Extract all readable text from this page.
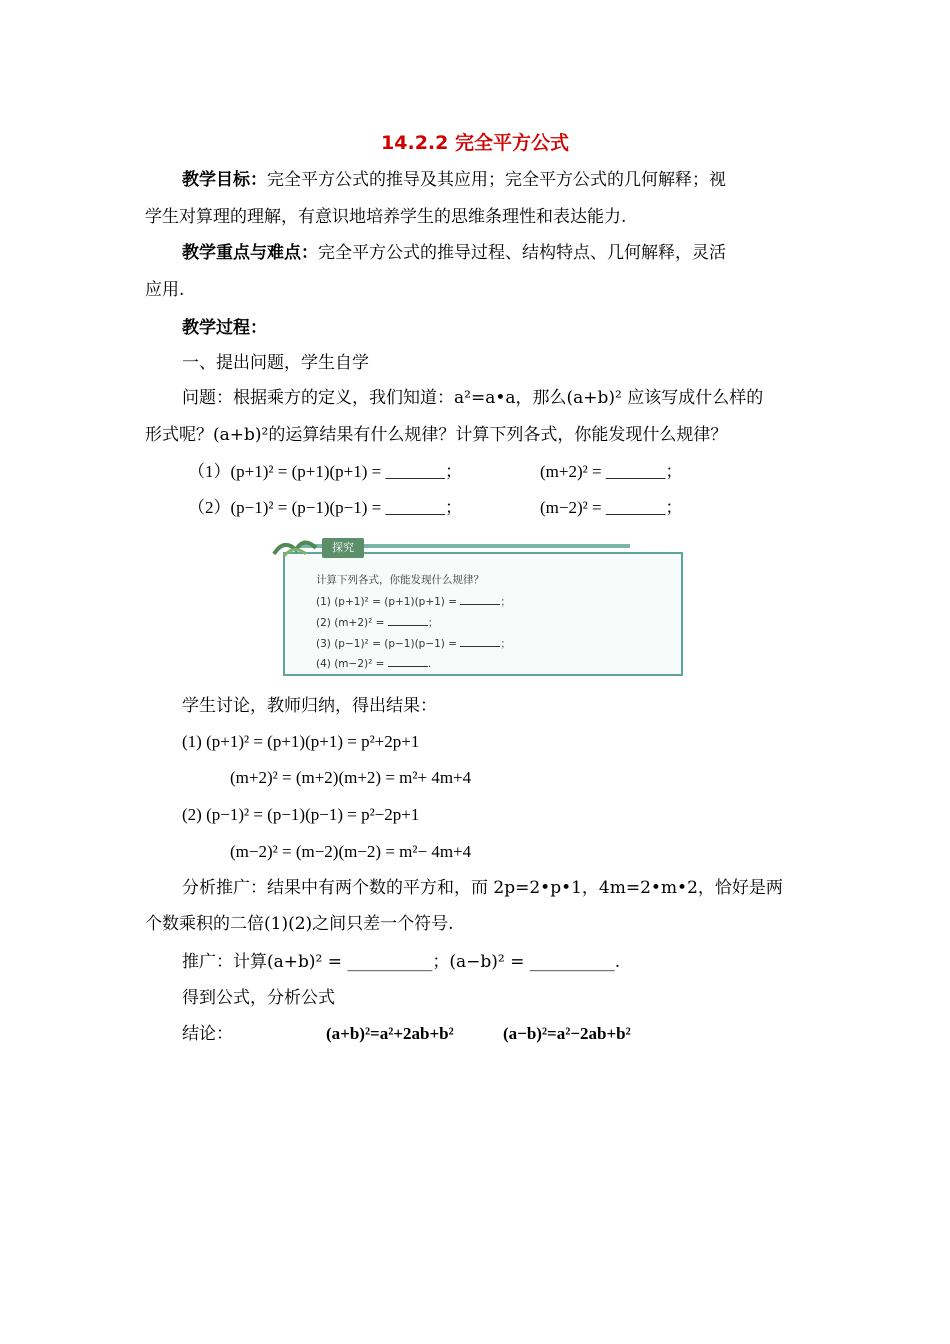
14.2.2 完全平方公式
教学目标：完全平方公式的推导及其应用；完全平方公式的几何解释；视
学生对算理的理解，有意识地培养学生的思维条理性和表达能力.
教学重点与难点：完全平方公式的推导过程、结构特点、几何解释，灵活
应用.
教学过程：
一、提出问题，学生自学
问题：根据乘方的定义，我们知道：a²=a•a，那么(a+b)² 应该写成什么样的
形式呢？(a+b)²的运算结果有什么规律？计算下列各式，你能发现什么规律？
（1）(p+1)² = (p+1)(p+1) = _______；	(m+2)² = _______；
（2）(p−1)² = (p−1)(p−1) = _______；	(m−2)² = _______；
探究
计算下列各式，你能发现什么规律？
(1) (p+1)² = (p+1)(p+1) =	；
(2) (m+2)² =	；
(3) (p−1)² = (p−1)(p−1) =	；
(4) (m−2)² =	.
学生讨论，教师归纳，得出结果：
(1) (p+1)² = (p+1)(p+1) = p²+2p+1
(m+2)² = (m+2)(m+2) = m²+ 4m+4
(2) (p−1)² = (p−1)(p−1) = p²−2p+1
(m−2)² = (m−2)(m−2) = m²− 4m+4
分析推广：结果中有两个数的平方和，而 2p=2•p•1，4m=2•m•2，恰好是两
个数乘积的二倍(1)(2)之间只差一个符号.
推广：计算(a+b)² = __________；(a−b)² = __________.
得到公式，分析公式
结论：	(a+b)²=a²+2ab+b²	(a−b)²=a²−2ab+b²
